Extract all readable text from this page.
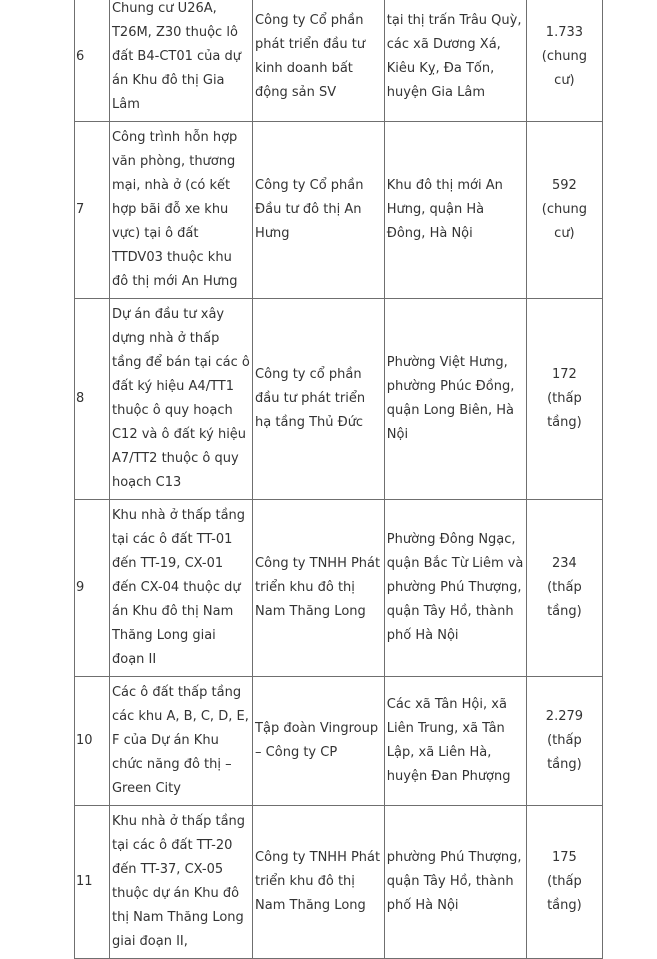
6	Chung cư U26A, T26M, Z30 thuộc lô đất B4-CT01 của dự án Khu đô thị Gia Lâm	Công ty Cổ phần phát triển đầu tư kinh doanh bất động sản SV	tại thị trấn Trâu Quỳ, các xã Dương Xá, Kiêu Kỵ, Đa Tốn, huyện Gia Lâm	1.733
(chung cư)
7	Công trình hỗn hợp văn phòng, thương mại, nhà ở (có kết hợp bãi đỗ xe khu vực) tại ô đất TTDV03 thuộc khu đô thị mới An Hưng	Công ty Cổ phần Đầu tư đô thị An Hưng	Khu đô thị mới An Hưng, quận Hà Đông, Hà Nội	592
(chung cư)
8	Dự án đầu tư xây dựng nhà ở thấp tầng để bán tại các ô đất ký hiệu A4/TT1 thuộc ô quy hoạch C12 và ô đất ký hiệu A7/TT2 thuộc ô quy hoạch C13	Công ty cổ phần đầu tư phát triển hạ tầng Thủ Đức	Phường Việt Hưng, phường Phúc Đồng, quận Long Biên, Hà Nội	172
(thấp
tầng)
9	Khu nhà ở thấp tầng tại các ô đất TT-01 đến TT-19, CX-01 đến CX-04 thuộc dự án Khu đô thị Nam Thăng Long giai đoạn II	Công ty TNHH Phát triển khu đô thị Nam Thăng Long	Phường Đông Ngạc, quận Bắc Từ Liêm và phường Phú Thượng, quận Tây Hồ, thành phố Hà Nội	234
(thấp tầng)
10	Các ô đất thấp tầng các khu A, B, C, D, E, F của Dự án Khu chức năng đô thị – Green City	Tập đoàn Vingroup – Công ty CP	Các xã Tân Hội, xã Liên Trung, xã Tân Lập, xã Liên Hà, huyện Đan Phượng	2.279
(thấp tầng)
11	Khu nhà ở thấp tầng tại các ô đất TT-20 đến TT-37, CX-05 thuộc dự án Khu đô thị Nam Thăng Long giai đoạn II,	Công ty TNHH Phát triển khu đô thị Nam Thăng Long	phường Phú Thượng, quận Tây Hồ, thành phố Hà Nội	175
(thấp tầng)
